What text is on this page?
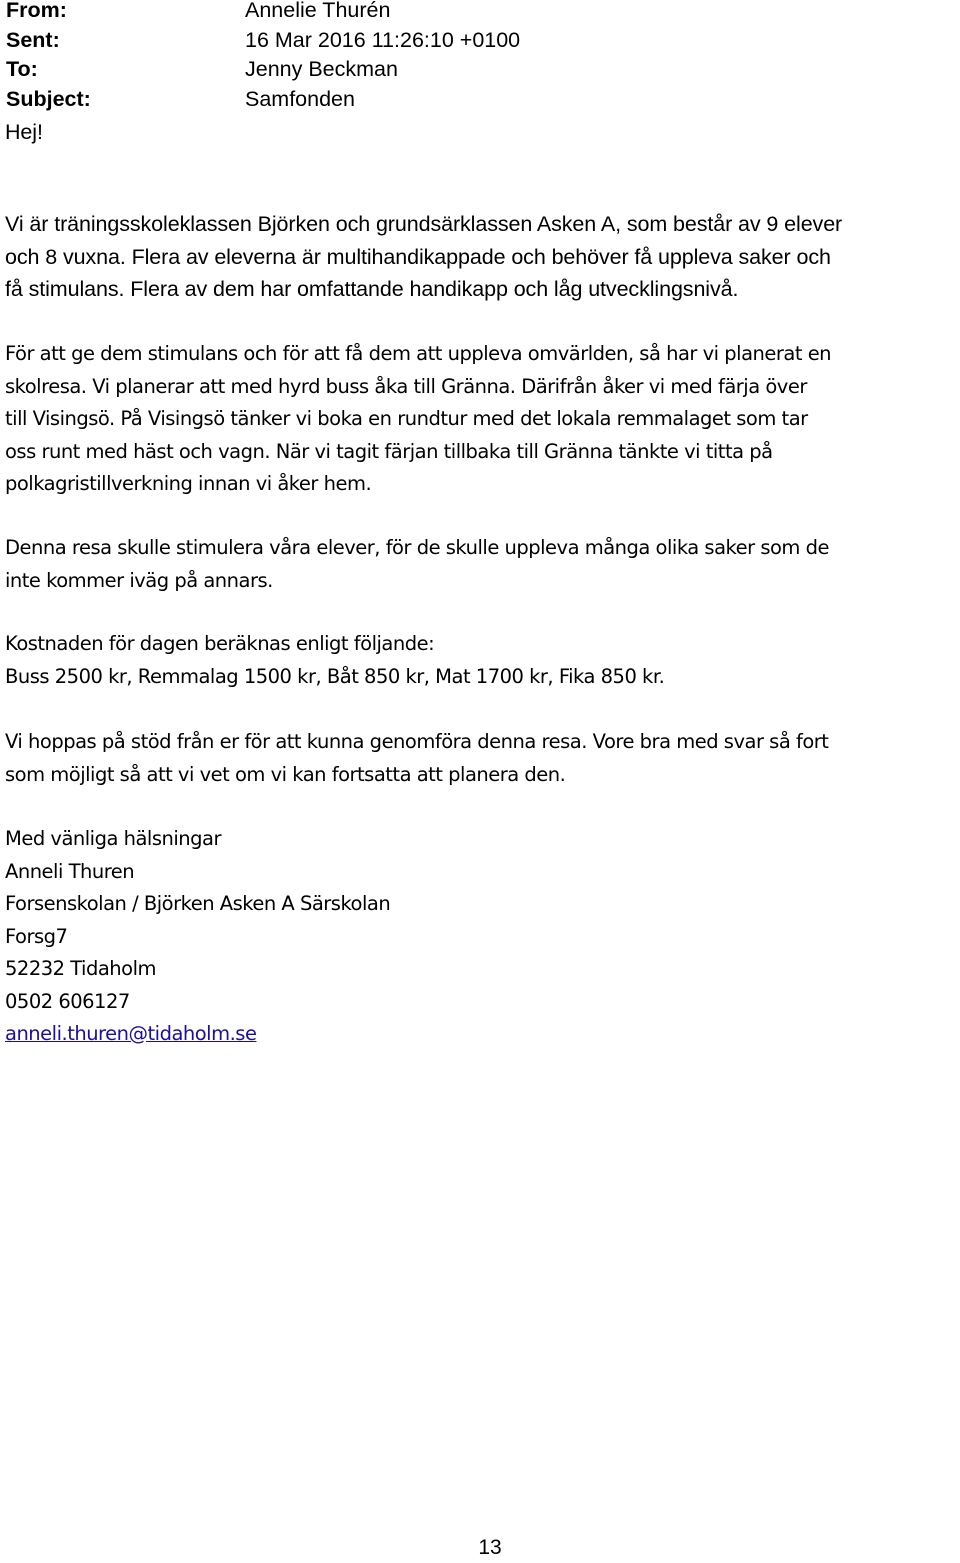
From:	Annelie Thurén
Sent:	16 Mar 2016 11:26:10 +0100
To:	Jenny Beckman
Subject:	Samfonden

Hej!

Vi är träningsskoleklassen Björken och grundsärklassen Asken A, som består av 9 elever
och 8 vuxna. Flera av eleverna är multihandikappade och behöver få uppleva saker och
få stimulans. Flera av dem har omfattande handikapp och låg utvecklingsnivå.

För att ge dem stimulans och för att få dem att uppleva omvärlden, så har vi planerat en
skolresa. Vi planerar att med hyrd buss åka till Gränna. Därifrån åker vi med färja över
till Visingsö. På Visingsö tänker vi boka en rundtur med det lokala remmalaget som tar
oss runt med häst och vagn. När vi tagit färjan tillbaka till Gränna tänkte vi titta på
polkagristillverkning innan vi åker hem.

Denna resa skulle stimulera våra elever, för de skulle uppleva många olika saker som de
inte kommer iväg på annars.

Kostnaden för dagen beräknas enligt följande:
Buss 2500 kr, Remmalag 1500 kr, Båt 850 kr, Mat 1700 kr, Fika 850 kr.

Vi hoppas på stöd från er för att kunna genomföra denna resa. Vore bra med svar så fort
som möjligt så att vi vet om vi kan fortsatta att planera den.

Med vänliga hälsningar
Anneli Thuren
Forsenskolan / Björken Asken A Särskolan
Forsg7
52232 Tidaholm
0502 606127
anneli.thuren@tidaholm.se

13
